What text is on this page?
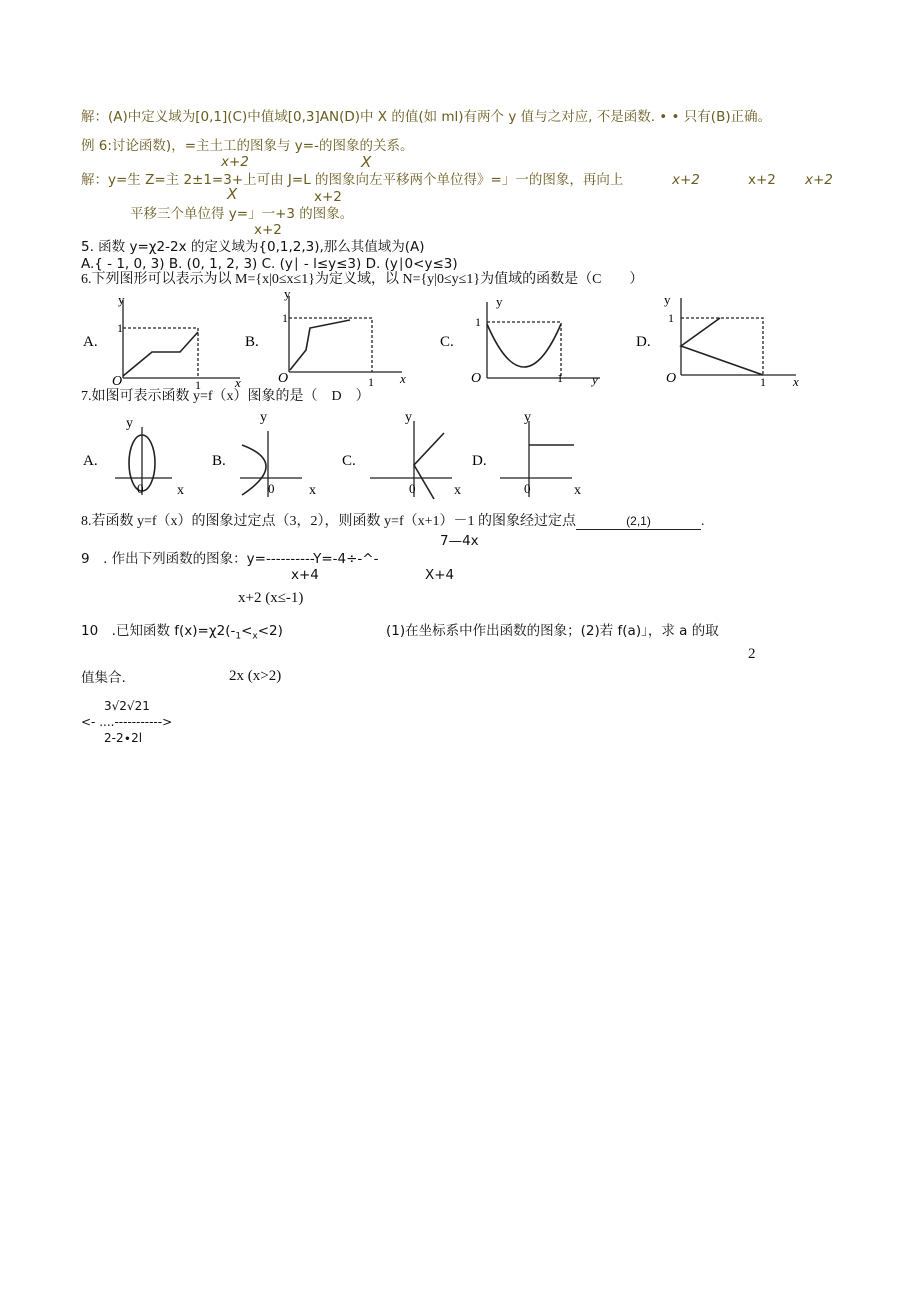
解：(A)中定义域为[0,1](C)中值域[0,3]AN(D)中 X 的值(如 ml)有两个 y 值与之对应, 不是函数. • • 只有(B)正确。
x+2
例 6:讨论函数)，=主土工的图象与 y=-的图象的关系。
X
X
解：y=生 Z=主 2±1=3+上可由 J=L 的图象向左平移两个单位得》=」一的图象，再向上	x+2	x+2 x+2
x+2
平移三个单位得 y=」一+3 的图象。
x+2
5. 函数 y=χ2-2x 的定义域为{0,1,2,3),那么其值域为(A)
A.{ - 1, 0, 3) B. (0, 1, 2, 3) C. (y∣ - l≤y≤3) D. (y∣0<y≤3)
6.下列图形可以表示为以 M={x|0≤x≤1}为定义域，以 N={y|0≤y≤1}为值域的函数是（C　　）
A.
y
1
O	1	x
B.
y
1
O	1 x
C.
y
1
O	1 y
D.
y
1
O	1 x
7.如图可表示函数 y=f（x）图象的是（　D　）
A.
y
0 x
B.
y
0 x
C.
y
0	x
D.
y
0	x
8.若函数 y=f（x）的图象过定点（3，2），则函数 y=f（x+1）－1 的图象经过定点	(2,1)	.
7—4x
9　. 作出下列函数的图象：y=----------Y=-4÷-^-
x+4	X+4
x+2 (x≤-1)
10　.已知函数 $f(x)=\chi 2(-_1<_x<2)$	(1)在坐标系中作出函数的图象；(2)若 f(a)」，求 a 的取
2
值集合.	2x (x>2)
3√2√21
<- ....----------->
2-2∙2l
